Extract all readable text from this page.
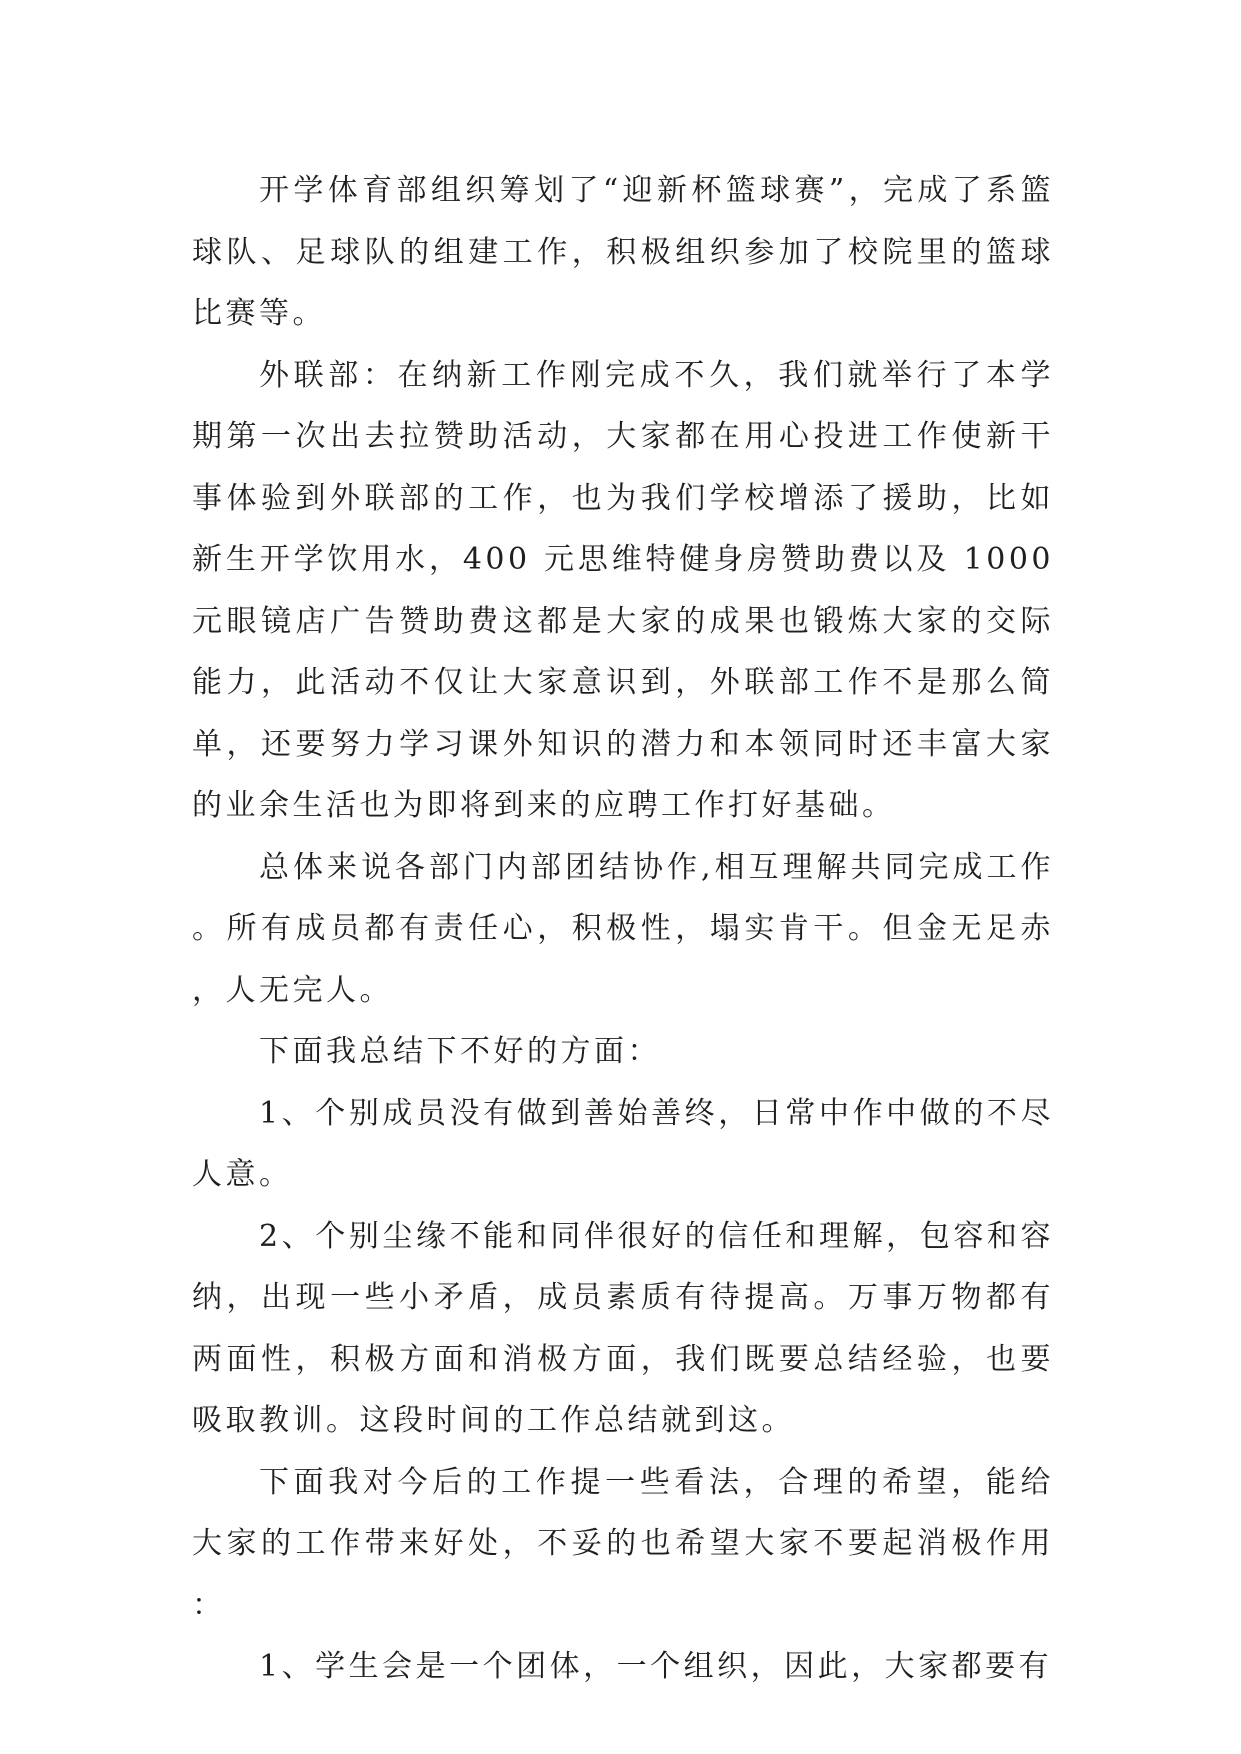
开学体育部组织筹划了“迎新杯篮球赛”，完成了系篮球队、足球队的组建工作，积极组织参加了校院里的篮球比赛等。

外联部：在纳新工作刚完成不久，我们就举行了本学期第一次出去拉赞助活动，大家都在用心投进工作使新干事体验到外联部的工作，也为我们学校增添了援助，比如新生开学饮用水，400 元思维特健身房赞助费以及 1000 元眼镜店广告赞助费这都是大家的成果也锻炼大家的交际能力，此活动不仅让大家意识到，外联部工作不是那么简单，还要努力学习课外知识的潜力和本领同时还丰富大家的业余生活也为即将到来的应聘工作打好基础。

总体来说各部门内部团结协作,相互理解共同完成工作。所有成员都有责任心，积极性，塌实肯干。但金无足赤，人无完人。

下面我总结下不好的方面：

1、个别成员没有做到善始善终，日常中作中做的不尽人意。

2、个别尘缘不能和同伴很好的信任和理解，包容和容纳，出现一些小矛盾，成员素质有待提高。万事万物都有两面性，积极方面和消极方面，我们既要总结经验，也要吸取教训。这段时间的工作总结就到这。

下面我对今后的工作提一些看法，合理的希望，能给大家的工作带来好处，不妥的也希望大家不要起消极作用：

1、学生会是一个团体，一个组织，因此，大家都要有
